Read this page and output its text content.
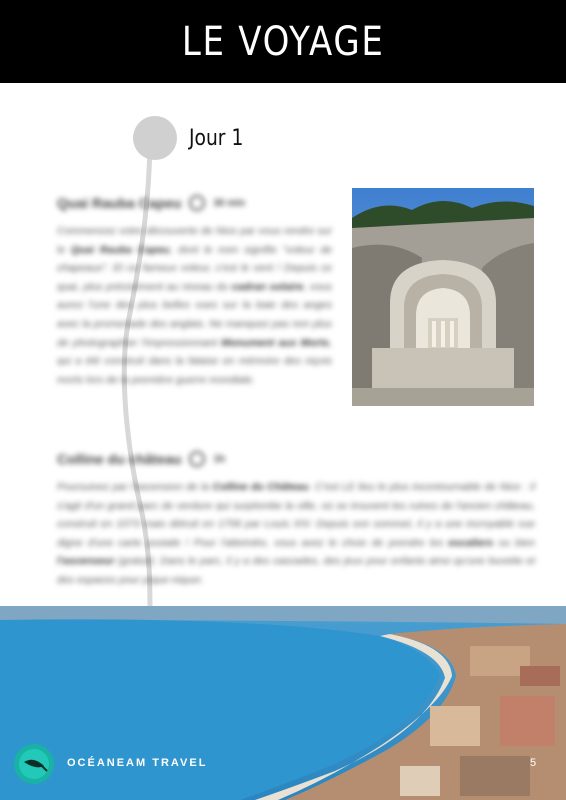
LE VOYAGE
Jour 1
Quai Rauba Capeu	30 min
Commencez votre découverte de Nice par vous rendre sur le Quai Rauba Capeu, dont le nom signifie "voleur de chapeaux". Et ce fameux voleur, c'est le vent ! Depuis ce quai, plus précisément au niveau du cadran solaire, vous aurez l'une des plus belles vues sur la baie des anges avec la promenade des anglais. Ne manquez pas non plus de photographier l'impressionnant Monument aux Morts, qui a été construit dans la falaise en mémoire des niçois morts lors de la première guerre mondiale.
Colline du château	1h
Poursuivez par l'ascension de la Colline du Château. C'est LE lieu le plus incontournable de Nice : il s'agit d'un grand parc de verdure qui surplombe la ville, où se trouvent les ruines de l'ancien château, construit en 1073 mais détruit en 1706 par Louis XIV. Depuis son sommet, il y a une incroyable vue digne d'une carte postale ! Pour l'atteindre, vous avez le choix de prendre les escaliers ou bien l'ascenseur (gratuit). Dans le parc, il y a des cascades, des jeux pour enfants ainsi qu'une buvette et des espaces pour pique-niquer.
OCÉANEAM TRAVEL	5
